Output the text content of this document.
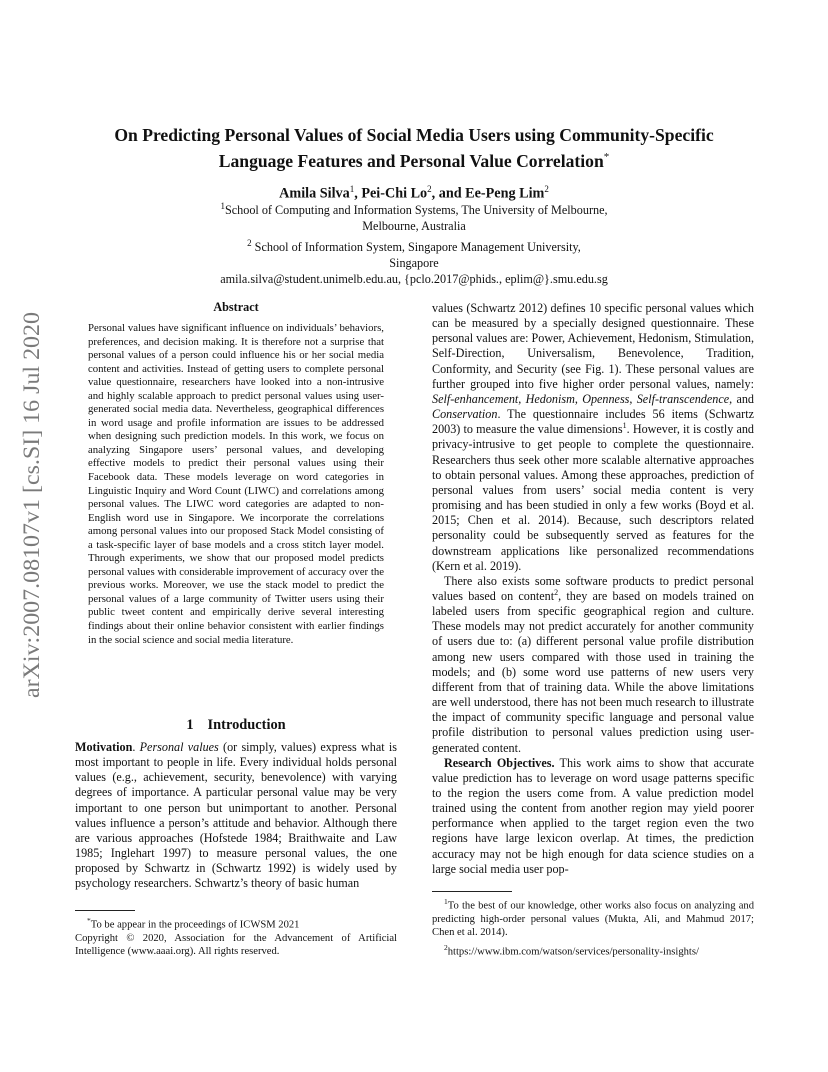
arXiv:2007.08107v1 [cs.SI] 16 Jul 2020
On Predicting Personal Values of Social Media Users using Community-Specific
Language Features and Personal Value Correlation*
Amila Silva$^1$, Pei-Chi Lo$^2$, and Ee-Peng Lim$^2$
$^1$School of Computing and Information Systems, The University of Melbourne,
Melbourne, Australia
$^2$ School of Information System, Singapore Management University,
Singapore
amila.silva@student.unimelb.edu.au, {pclo.2017@phids., eplim@}.smu.edu.sg
Abstract
Personal values have significant influence on individuals’ behaviors, preferences, and decision making. It is therefore not a surprise that personal values of a person could influence his or her social media content and activities. Instead of getting users to complete personal value questionnaire, researchers have looked into a non-intrusive and highly scalable approach to predict personal values using user-generated social media data. Nevertheless, geographical differences in word usage and profile information are issues to be addressed when designing such prediction models. In this work, we focus on analyzing Singapore users’ personal values, and developing effective models to predict their personal values using their Facebook data. These models leverage on word categories in Linguistic Inquiry and Word Count (LIWC) and correlations among personal values. The LIWC word categories are adapted to non-English word use in Singapore. We incorporate the correlations among personal values into our proposed Stack Model consisting of a task-specific layer of base models and a cross stitch layer model. Through experiments, we show that our proposed model predicts personal values with considerable improvement of accuracy over the previous works. Moreover, we use the stack model to predict the personal values of a large community of Twitter users using their public tweet content and empirically derive several interesting findings about their online behavior consistent with earlier findings in the social science and social media literature.
1 Introduction
Motivation. Personal values (or simply, values) express what is most important to people in life. Every individual holds personal values (e.g., achievement, security, benevolence) with varying degrees of importance. A particular personal value may be very important to one person but unimportant to another. Personal values influence a person’s attitude and behavior. Although there are various approaches (Hofstede 1984; Braithwaite and Law 1985; Inglehart 1997) to measure personal values, the one proposed by Schwartz in (Schwartz 1992) is widely used by psychology researchers. Schwartz’s theory of basic human
*To be appear in the proceedings of ICWSM 2021
Copyright © 2020, Association for the Advancement of Artificial Intelligence (www.aaai.org). All rights reserved.

values (Schwartz 2012) defines 10 specific personal values which can be measured by a specially designed questionnaire. These personal values are: Power, Achievement, Hedonism, Stimulation, Self-Direction, Universalism, Benevolence, Tradition, Conformity, and Security (see Fig. 1). These personal values are further grouped into five higher order personal values, namely: Self-enhancement, Hedonism, Openness, Self-transcendence, and Conservation. The questionnaire includes 56 items (Schwartz 2003) to measure the value dimensions$^1$. However, it is costly and privacy-intrusive to get people to complete the questionnaire. Researchers thus seek other more scalable alternative approaches to obtain personal values. Among these approaches, prediction of personal values from users’ social media content is very promising and has been studied in only a few works (Boyd et al. 2015; Chen et al. 2014). Because, such descriptors related personality could be subsequently served as features for the downstream applications like personalized recommendations (Kern et al. 2019).

There also exists some software products to predict personal values based on content$^2$, they are based on models trained on labeled users from specific geographical region and culture. These models may not predict accurately for another community of users due to: (a) different personal value profile distribution among new users compared with those used in training the models; and (b) some word use patterns of new users very different from that of training data. While the above limitations are well understood, there has not been much research to illustrate the impact of community specific language and personal value profile distribution to personal values prediction using user-generated content.

Research Objectives. This work aims to show that accurate value prediction has to leverage on word usage patterns specific to the region the users come from. A value prediction model trained using the content from another region may yield poorer performance when applied to the target region even the two regions have large lexicon overlap. At times, the prediction accuracy may not be high enough for data science studies on a large social media user pop-

$^1$To the best of our knowledge, other works also focus on analyzing and predicting high-order personal values (Mukta, Ali, and Mahmud 2017; Chen et al. 2014).

$^2$https://www.ibm.com/watson/services/personality-insights/
